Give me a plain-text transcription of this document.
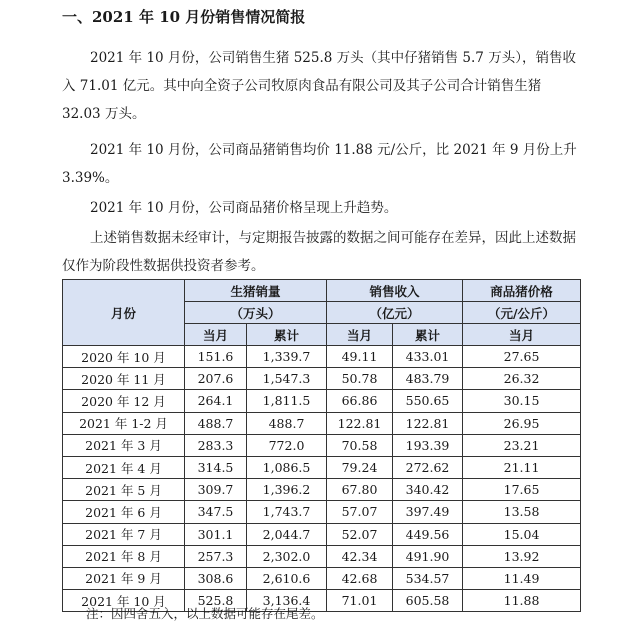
一、2021 年 10 月份销售情况简报

2021 年 10 月份，公司销售生猪 525.8 万头（其中仔猪销售 5.7 万头），销售收入 71.01 亿元。其中向全资子公司牧原肉食品有限公司及其子公司合计销售生猪 32.03 万头。

2021 年 10 月份，公司商品猪销售均价 11.88 元/公斤，比 2021 年 9 月份上升 3.39%。

2021 年 10 月份，公司商品猪价格呈现上升趋势。

上述销售数据未经审计，与定期报告披露的数据之间可能存在差异，因此上述数据仅作为阶段性数据供投资者参考。

月份	生猪销量		销售收入		商品猪价格
	（万头）		（亿元）		（元/公斤）
	当月	累计	当月	累计	当月
2020 年 10 月	151.6	1,339.7	49.11	433.01	27.65
2020 年 11 月	207.6	1,547.3	50.78	483.79	26.32
2020 年 12 月	264.1	1,811.5	66.86	550.65	30.15
2021 年 1-2 月	488.7	488.7	122.81	122.81	26.95
2021 年 3 月	283.3	772.0	70.58	193.39	23.21
2021 年 4 月	314.5	1,086.5	79.24	272.62	21.11
2021 年 5 月	309.7	1,396.2	67.80	340.42	17.65
2021 年 6 月	347.5	1,743.7	57.07	397.49	13.58
2021 年 7 月	301.1	2,044.7	52.07	449.56	15.04
2021 年 8 月	257.3	2,302.0	42.34	491.90	13.92
2021 年 9 月	308.6	2,610.6	42.68	534.57	11.49
2021 年 10 月	525.8	3,136.4	71.01	605.58	11.88
注：因四舍五入，以上数据可能存在尾差。
